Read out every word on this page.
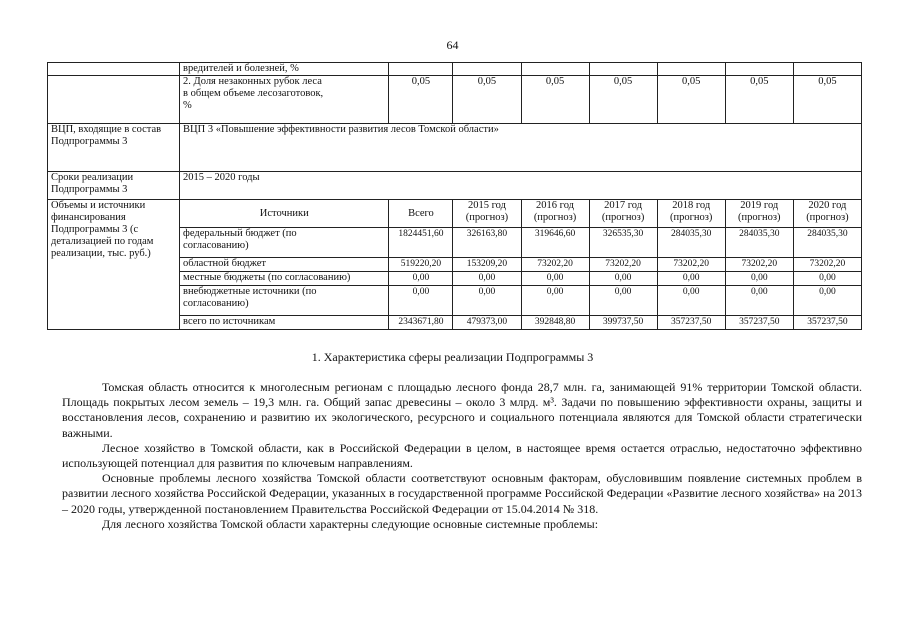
64
	вредителей и болезней, %							
	2. Доля незаконных рубок леса в общем объеме лесозаготовок, %	0,05	0,05	0,05	0,05	0,05	0,05	0,05
ВЦП, входящие в состав Подпрограммы 3	ВЦП 3 «Повышение эффективности развития лесов Томской области»							
Сроки реализации Подпрограммы 3	2015 – 2020 годы							
Объемы и источники финансирования Подпрограммы 3 (с детализацией по годам реализации, тыс. руб.)	Источники	Всего	2015 год (прогноз)	2016 год (прогноз)	2017 год (прогноз)	2018 год (прогноз)	2019 год (прогноз)	2020 год (прогноз)
	федеральный бюджет (по согласованию)	1824451,60	326163,80	319646,60	326535,30	284035,30	284035,30	284035,30
	областной бюджет	519220,20	153209,20	73202,20	73202,20	73202,20	73202,20	73202,20
	местные бюджеты (по согласованию)	0,00	0,00	0,00	0,00	0,00	0,00	0,00
	внебюджетные источники (по согласованию)	0,00	0,00	0,00	0,00	0,00	0,00	0,00
	всего по источникам	2343671,80	479373,00	392848,80	399737,50	357237,50	357237,50	357237,50
1. Характеристика сферы реализации Подпрограммы 3

Томская область относится к многолесным регионам с площадью лесного фонда 28,7 млн. га, занимающей 91% территории Томской области. Площадь покрытых лесом земель – 19,3 млн. га. Общий запас древесины – около 3 млрд. м³. Задачи по повышению эффективности охраны, защиты и восстановления лесов, сохранению и развитию их экологического, ресурсного и социального потенциала являются для Томской области стратегически важными.

Лесное хозяйство в Томской области, как в Российской Федерации в целом, в настоящее время остается отраслью, недостаточно эффективно использующей потенциал для развития по ключевым направлениям.

Основные проблемы лесного хозяйства Томской области соответствуют основным факторам, обусловившим появление системных проблем в развитии лесного хозяйства Российской Федерации, указанных в государственной программе Российской Федерации «Развитие лесного хозяйства» на 2013 – 2020 годы, утвержденной постановлением Правительства Российской Федерации от 15.04.2014 № 318.

Для лесного хозяйства Томской области характерны следующие основные системные проблемы:
